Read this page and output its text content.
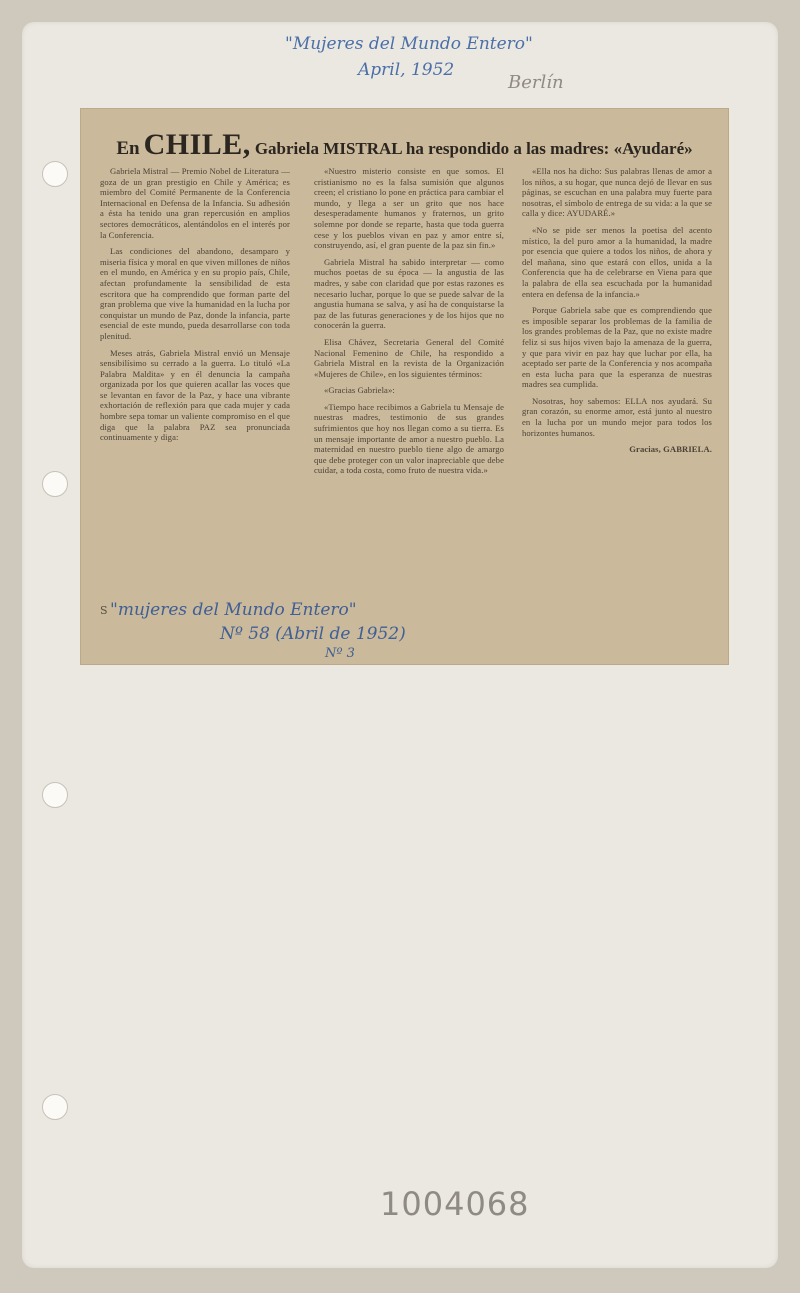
"Mujeres del Mundo Entero"
April, 1952
Berlín
En CHILE, Gabriela MISTRAL ha respondido a las madres: «Ayudaré»

Gabriela Mistral — Premio Nobel de Literatura — goza de un gran prestigio en Chile y América; es miembro del Comité Permanente de la Conferencia Internacional en Defensa de la Infancia. Su adhesión a ésta ha tenido una gran repercusión en amplios sectores democráticos, alentándolos en el interés por la Conferencia.

Las condiciones del abandono, desamparo y miseria física y moral en que viven millones de niños en el mundo, en América y en su propio país, Chile, afectan profundamente la sensibilidad de esta escritora que ha comprendido que forman parte del gran problema que vive la humanidad en la lucha por conquistar un mundo de Paz, donde la infancia, parte esencial de este mundo, pueda desarrollarse con toda plenitud.

Meses atrás, Gabriela Mistral envió un Mensaje sensibilísimo su cerrado a la guerra. Lo tituló «La Palabra Maldita» y en él denuncia la campaña organizada por los que quieren acallar las voces que se levantan en favor de la Paz, y hace una vibrante exhortación de reflexión para que cada mujer y cada hombre sepa tomar un valiente compromiso en el que diga que la palabra PAZ sea pronunciada continuamente y diga:

«Nuestro misterio consiste en que somos. El cristianismo no es la falsa sumisión que algunos creen; el cristiano lo pone en práctica para cambiar el mundo, y llega a ser un grito que nos hace desesperadamente humanos y fraternos, un grito solemne por donde se reparte, hasta que toda guerra cese y los pueblos vivan en paz y amor entre sí, construyendo, así, el gran puente de la paz sin fin.»

Gabriela Mistral ha sabido interpretar — como muchos poetas de su época — la angustia de las madres, y sabe con claridad que por estas razones es necesario luchar, porque lo que se puede salvar de la angustia humana se salva, y así ha de conquistarse la paz de las futuras generaciones y de los hijos que no conocerán la guerra.

Elisa Chávez, Secretaria General del Comité Nacional Femenino de Chile, ha respondido a Gabriela Mistral en la revista de la Organización «Mujeres de Chile», en los siguientes términos:

«Gracias Gabriela»:

«Tiempo hace recibimos a Gabriela tu Mensaje de nuestras madres, testimonio de sus grandes sufrimientos que hoy nos llegan como a su tierra. Es un mensaje importante de amor a nuestro pueblo. La maternidad en nuestro pueblo tiene algo de amargo que debe proteger con un valor inapreciable que debe cuidar, a toda costa, como fruto de nuestra vida.»

«Ella nos ha dicho: Sus palabras llenas de amor a los niños, a su hogar, que nunca dejó de llevar en sus páginas, se escuchan en una palabra muy fuerte para nosotras, el símbolo de entrega de su vida: a la que se calla y dice: AYUDARÉ.»

«No se pide ser menos la poetisa del acento místico, la del puro amor a la humanidad, la madre por esencia que quiere a todos los niños, de ahora y del mañana, sino que estará con ellos, unida a la Conferencia que ha de celebrarse en Viena para que la palabra de ella sea escuchada por la humanidad entera en defensa de la infancia.»

Porque Gabriela sabe que es comprendiendo que es imposible separar los problemas de la familia de los grandes problemas de la Paz, que no existe madre feliz si sus hijos viven bajo la amenaza de la guerra, y que para vivir en paz hay que luchar por ella, ha aceptado ser parte de la Conferencia y nos acompaña en esta lucha para que la esperanza de nuestras madres sea cumplida.

Nosotras, hoy sabemos: ELLA nos ayudará. Su gran corazón, su enorme amor, está junto al nuestro en la lucha por un mundo mejor para todos los horizontes humanos.

Gracias, GABRIELA.

S "mujeres del Mundo Entero"
Nº 58 (Abril de 1952)
Nº 3
1004068
